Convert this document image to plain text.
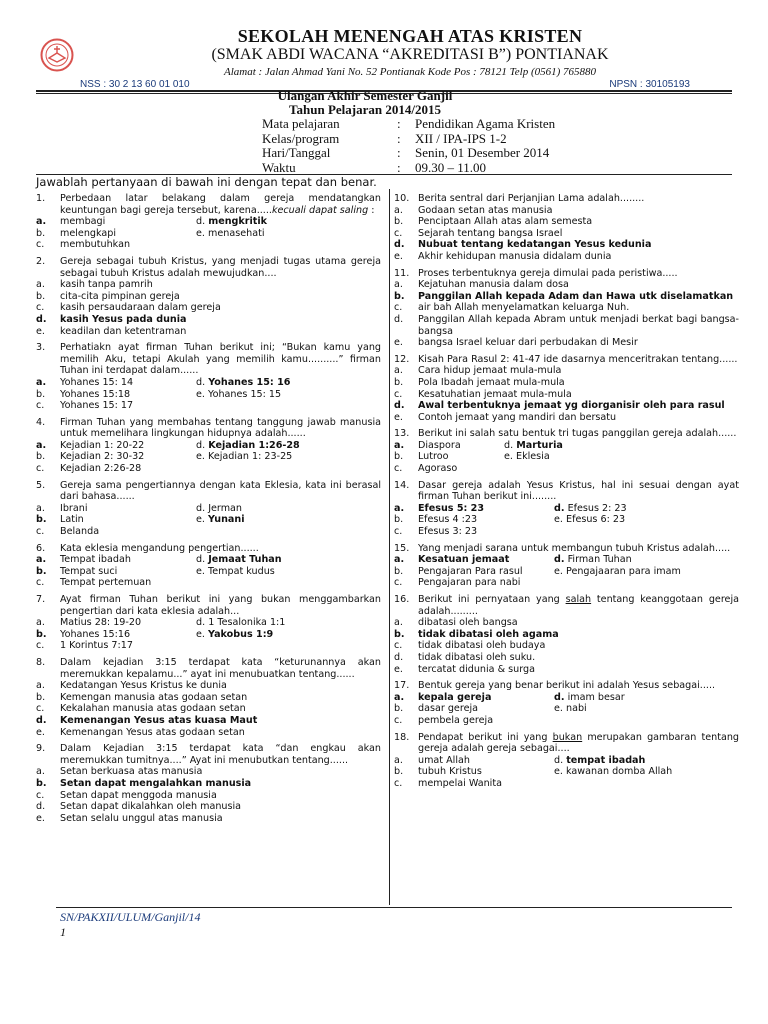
SEKOLAH MENENGAH ATAS KRISTEN
(SMAK ABDI WACANA “AKREDITASI B”) PONTIANAK
Alamat : Jalan Ahmad Yani No. 52 Pontianak Kode Pos : 78121 Telp (0561) 765880
NSS : 30 2 13 60 01 010	NPSN : 30105193
Ulangan Akhir Semester Ganjil
Tahun Pelajaran 2014/2015
Mata pelajaran	:	Pendidikan Agama Kristen
Kelas/program	:	XII / IPA-IPS 1-2
Hari/Tanggal	:	Senin, 01 Desember 2014
Waktu	:	09.30 – 11.00
Jawablah pertanyaan di bawah ini dengan tepat dan benar.
1.	Perbedaan latar belakang dalam gereja mendatangkan keuntungan bagi gereja tersebut, karena.....kecuali dapat saling :
a.	membagi	d.
mengkritik
b.	melengkapi	e. menasehati
c.	membutuhkan
2.	Gereja sebagai tubuh Kristus, yang menjadi tugas utama gereja sebagai tubuh Kristus adalah mewujudkan....
a.	kasih tanpa pamrih
b.	cita-cita pimpinan gereja
c.	kasih persaudaraan dalam gereja
d.	kasih Yesus pada dunia
e.	keadilan dan ketentraman
3.	Perhatiakn ayat firman Tuhan berikut ini; “Bukan kamu yang memilih Aku, tetapi Akulah yang memilih kamu..........” firman Tuhan ini terdapat dalam......
a.	Yohanes 15: 14	d.
Yohanes 15: 16
b.	Yohanes 15:18	e. Yohanes 15: 15
c.	Yohanes 15: 17
4.	Firman Tuhan yang membahas tentang tanggung jawab manusia untuk memelihara lingkungan hidupnya adalah......
a.	Kejadian 1: 20-22	d.
Kejadian 1:26-28
b.	Kejadian 2: 30-32	e. Kejadian 1: 23-25
c.	Kejadian 2:26-28
5.	Gereja sama pengertiannya dengan kata Eklesia, kata ini berasal dari bahasa......
a.	Ibrani	d.
Jerman
b.	Latin	e.
Yunani
c.	Belanda
6.	Kata eklesia mengandung pengertian......
a.	Tempat ibadah	d.
Jemaat Tuhan
b.	Tempat suci	e. Tempat kudus
c.	Tempat pertemuan
7.	Ayat firman Tuhan berikut ini yang bukan menggambarkan pengertian dari kata eklesia adalah...
a.	Matius 28: 19-20	d. 1 Tesalonika 1:1
b.	Yohanes 15:16	e.
Yakobus 1:9
c.	1 Korintus 7:17
8.	Dalam kejadian 3:15 terdapat kata “keturunannya akan meremukkan kepalamu...” ayat ini menubuatkan tentang......
a.	Kedatangan Yesus Kristus ke dunia
b.	Kemengan manusia atas godaan setan
c.	Kekalahan manusia atas godaan setan
d.	Kemenangan Yesus atas kuasa Maut
e.	Kemenangan Yesus atas godaan setan
9.	Dalam Kejadian 3:15 terdapat kata “dan engkau akan meremukkan tumitnya....” Ayat ini menubutkan tentang......
a.	Setan berkuasa atas manusia
b.	Setan dapat mengalahkan manusia
c.	Setan dapat menggoda manusia
d.	Setan dapat dikalahkan oleh manusia
e.	Setan selalu unggul atas manusia
10. Berita sentral dari Perjanjian Lama adalah........
a.	Godaan setan atas manusia
b.	Penciptaan Allah atas alam semesta
c.	Sejarah tentang bangsa Israel
d.	Nubuat tentang kedatangan Yesus kedunia
e.	Akhir kehidupan manusia didalam dunia
11. Proses terbentuknya gereja dimulai pada peristiwa.....
a.	Kejatuhan manusia dalam dosa
b.	Panggilan Allah kepada Adam dan Hawa utk diselamatkan
c.	air bah Allah menyelamatkan keluarga Nuh.
d.	Panggilan Allah kepada Abram untuk menjadi berkat bagi bangsa-bangsa
e.	bangsa Israel keluar dari perbudakan di Mesir
12. Kisah Para Rasul 2: 41-47 ide dasarnya menceritrakan tentang......
a.	Cara hidup jemaat mula-mula
b.	Pola Ibadah jemaat mula-mula
c.	Kesatuhatian jemaat mula-mula
d.	Awal terbentuknya jemaat yg diorganisir oleh para rasul
e.	Contoh jemaat yang mandiri dan bersatu
13. Berikut ini salah satu bentuk tri tugas panggilan gereja adalah......
a.	Diaspora	d.
Marturia
b.	Lutroo	e. Eklesia
c.	Agoraso
14. Dasar gereja adalah Yesus Kristus, hal ini sesuai dengan ayat firman Tuhan berikut ini........
a.	Efesus 5: 23	d.
Efesus 2: 23
b.	Efesus 4 :23	e. Efesus 6: 23
c.	Efesus 3: 23
15. Yang menjadi sarana untuk membangun tubuh Kristus adalah.....
a.	Kesatuan jemaat	d.
Firman Tuhan
b.	Pengajaran Para rasul	e. Pengajaaran para imam
c.	Pengajaran para nabi
16. Berikut ini pernyataan yang salah tentang keanggotaan gereja adalah.........
a.	dibatasi oleh bangsa
b.	tidak dibatasi oleh agama
c.	tidak dibatasi oleh budaya
d.	tidak dibatasi oleh suku.
e.	tercatat didunia & surga
17. Bentuk gereja yang benar berikut ini adalah Yesus sebagai.....
a.	kepala gereja	d.
imam besar
b.	dasar gereja	e. nabi
c.	pembela gereja
18. Pendapat berikut ini yang bukan merupakan gambaran tentang gereja adalah gereja sebagai....
a.	umat Allah	d.
tempat ibadah
b.	tubuh Kristus	e. kawanan domba Allah
c.	mempelai Wanita
SN/PAKXII/ULUM/Ganjil/14
1
